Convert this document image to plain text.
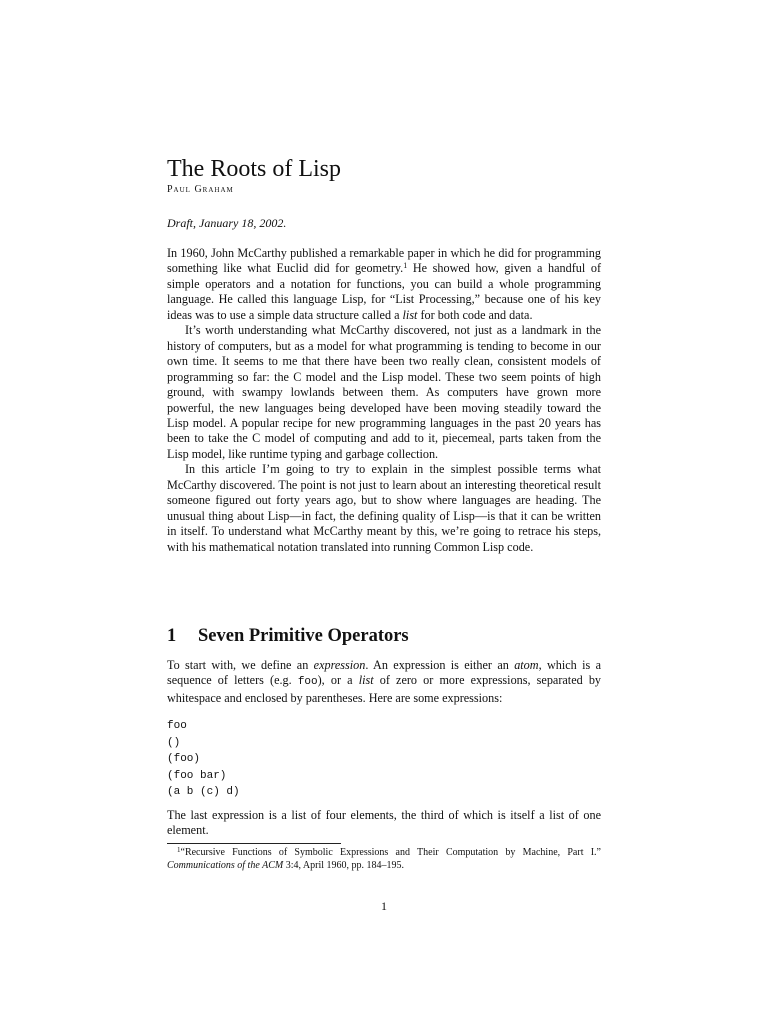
The Roots of Lisp
Paul Graham
Draft, January 18, 2002.

In 1960, John McCarthy published a remarkable paper in which he did for programming something like what Euclid did for geometry.$^1$ He showed how, given a handful of simple operators and a notation for functions, you can build a whole programming language. He called this language Lisp, for “List Processing,” because one of his key ideas was to use a simple data structure called a list for both code and data.

It’s worth understanding what McCarthy discovered, not just as a landmark in the history of computers, but as a model for what programming is tending to become in our own time. It seems to me that there have been two really clean, consistent models of programming so far: the C model and the Lisp model. These two seem points of high ground, with swampy lowlands between them. As computers have grown more powerful, the new languages being developed have been moving steadily toward the Lisp model. A popular recipe for new programming languages in the past 20 years has been to take the C model of computing and add to it, piecemeal, parts taken from the Lisp model, like runtime typing and garbage collection.

In this article I’m going to try to explain in the simplest possible terms what McCarthy discovered. The point is not just to learn about an interesting theoretical result someone figured out forty years ago, but to show where languages are heading. The unusual thing about Lisp—in fact, the defining quality of Lisp—is that it can be written in itself. To understand what McCarthy meant by this, we’re going to retrace his steps, with his mathematical notation translated into running Common Lisp code.

1 Seven Primitive Operators

To start with, we define an expression. An expression is either an atom, which is a sequence of letters (e.g. foo), or a list of zero or more expressions, separated by whitespace and enclosed by parentheses. Here are some expressions:

foo
()
(foo)
(foo bar)
(a b (c) d)

The last expression is a list of four elements, the third of which is itself a list of one element.

$^1$“Recursive Functions of Symbolic Expressions and Their Computation by Machine, Part I.” Communications of the ACM 3:4, April 1960, pp. 184–195.

1
